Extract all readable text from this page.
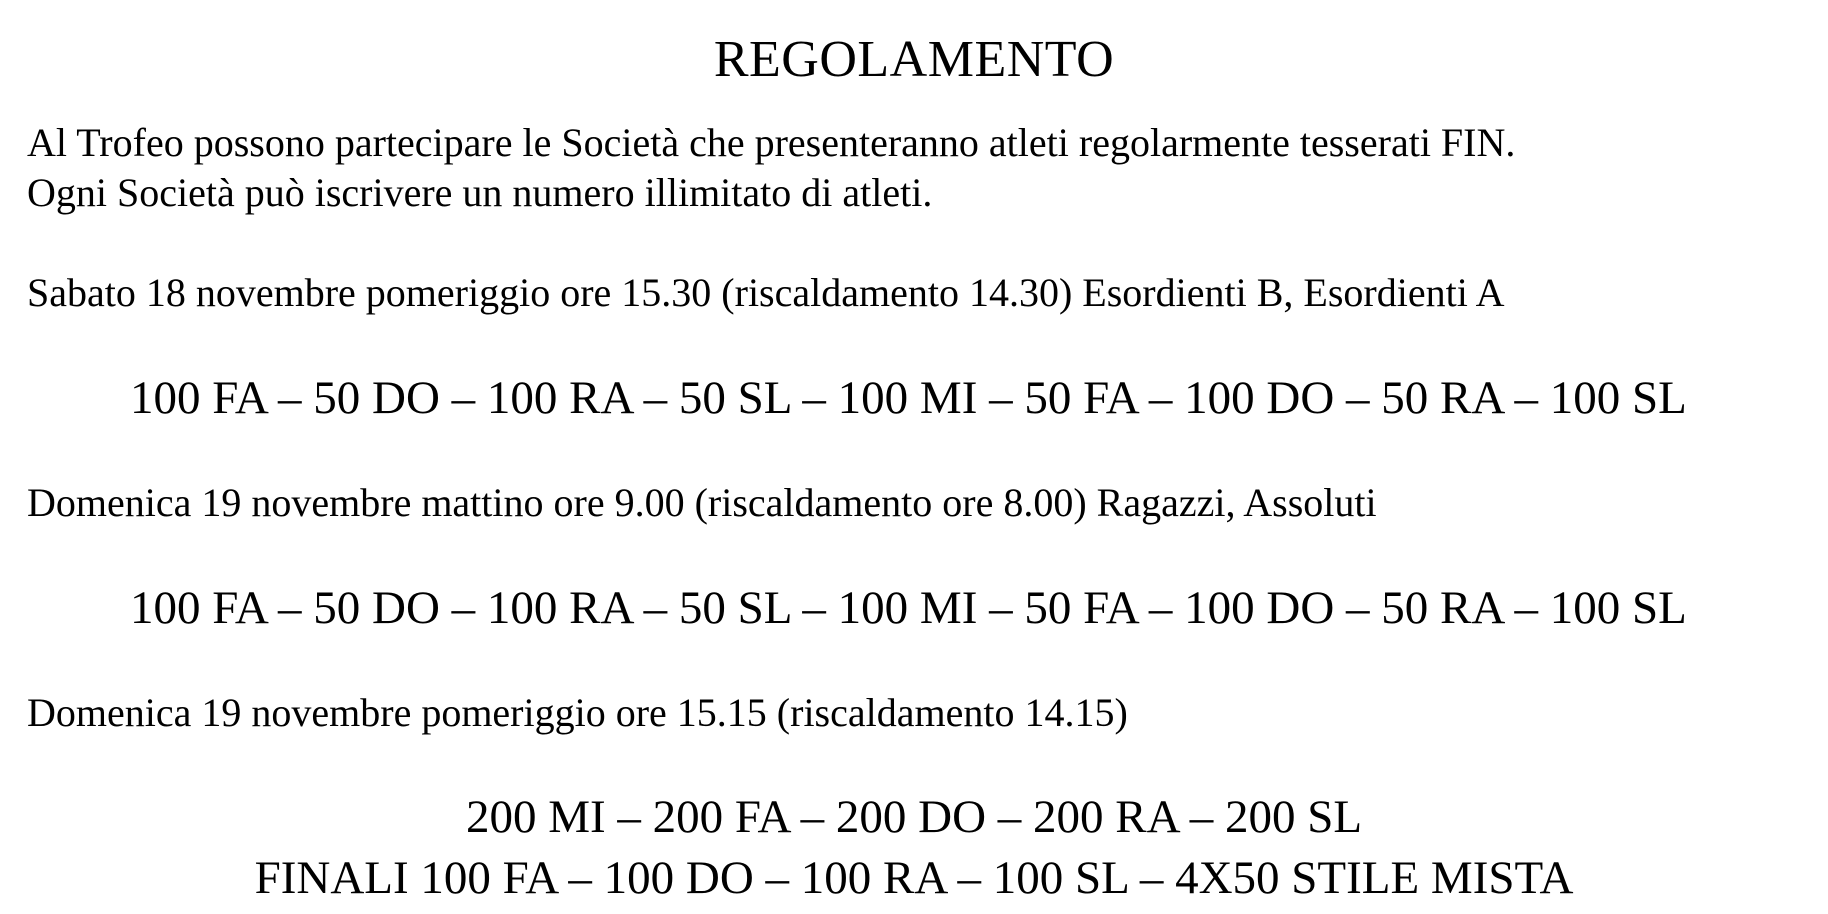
REGOLAMENTO
Al Trofeo possono partecipare le Società che presenteranno atleti regolarmente tesserati FIN.
Ogni Società può iscrivere un numero illimitato di atleti.
Sabato 18 novembre pomeriggio ore 15.30 (riscaldamento 14.30) Esordienti B, Esordienti A
100 FA – 50 DO – 100 RA – 50 SL – 100 MI – 50 FA – 100 DO – 50 RA – 100 SL
Domenica 19 novembre mattino ore 9.00 (riscaldamento ore 8.00) Ragazzi, Assoluti
100 FA – 50 DO – 100 RA – 50 SL – 100 MI – 50 FA – 100 DO – 50 RA – 100 SL
Domenica 19 novembre pomeriggio ore 15.15 (riscaldamento 14.15)
200 MI – 200 FA – 200 DO – 200 RA – 200 SL
FINALI 100 FA – 100 DO – 100 RA – 100 SL – 4X50 STILE MISTA
